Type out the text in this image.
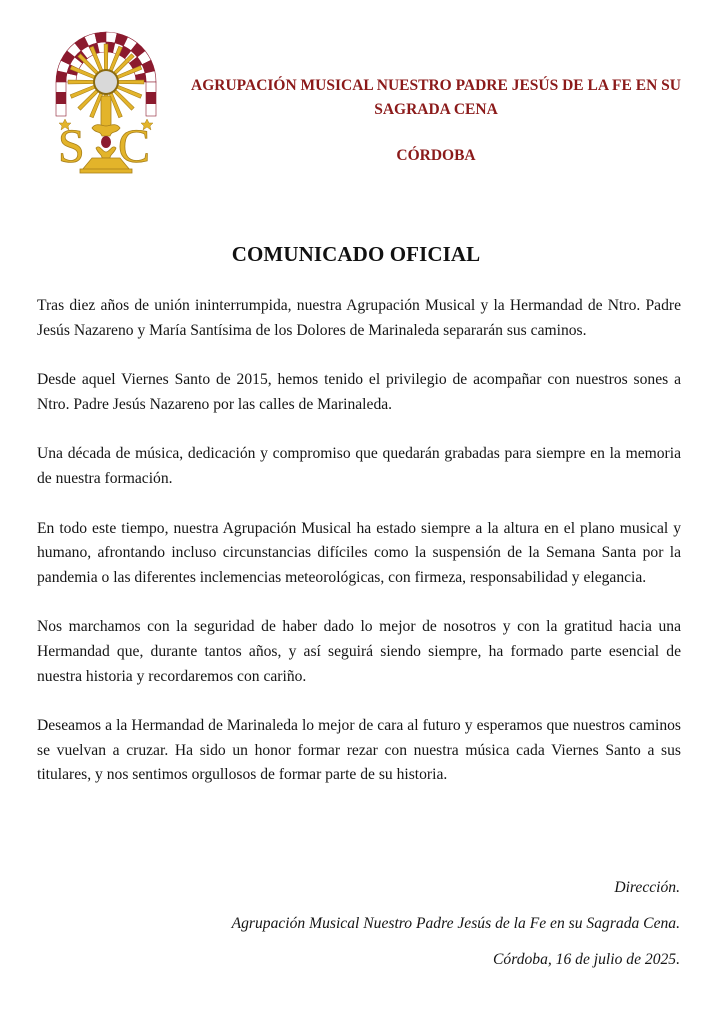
S C
AGRUPACIÓN MUSICAL NUESTRO PADRE JESÚS DE LA FE EN SU SAGRADA CENA
CÓRDOBA
COMUNICADO OFICIAL

Tras diez años de unión ininterrumpida, nuestra Agrupación Musical y la Hermandad de Ntro. Padre Jesús Nazareno y María Santísima de los Dolores de Marinaleda separarán sus caminos.

Desde aquel Viernes Santo de 2015, hemos tenido el privilegio de acompañar con nuestros sones a Ntro. Padre Jesús Nazareno por las calles de Marinaleda.

Una década de música, dedicación y compromiso que quedarán grabadas para siempre en la memoria de nuestra formación.

En todo este tiempo, nuestra Agrupación Musical ha estado siempre a la altura en el plano musical y humano, afrontando incluso circunstancias difíciles como la suspensión de la Semana Santa por la pandemia o las diferentes inclemencias meteorológicas, con firmeza, responsabilidad y elegancia.

Nos marchamos con la seguridad de haber dado lo mejor de nosotros y con la gratitud hacia una Hermandad que, durante tantos años, y así seguirá siendo siempre, ha formado parte esencial de nuestra historia y recordaremos con cariño.

Deseamos a la Hermandad de Marinaleda lo mejor de cara al futuro y esperamos que nuestros caminos se vuelvan a cruzar. Ha sido un honor formar rezar con nuestra música cada Viernes Santo a sus titulares, y nos sentimos orgullosos de formar parte de su historia.

Dirección.
Agrupación Musical Nuestro Padre Jesús de la Fe en su Sagrada Cena.
Córdoba, 16 de julio de 2025.
